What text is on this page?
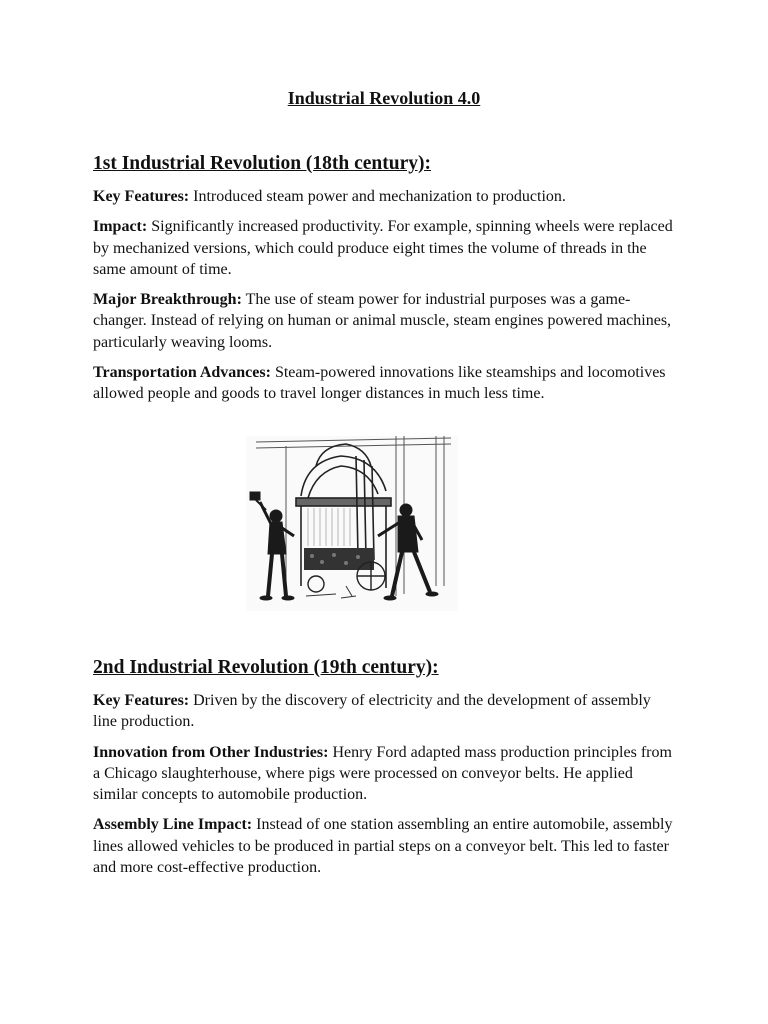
Industrial Revolution 4.0
1st Industrial Revolution (18th century):

Key Features: Introduced steam power and mechanization to production.

Impact: Significantly increased productivity. For example, spinning wheels were replaced by mechanized versions, which could produce eight times the volume of threads in the same amount of time.

Major Breakthrough: The use of steam power for industrial purposes was a game-changer. Instead of relying on human or animal muscle, steam engines powered machines, particularly weaving looms.

Transportation Advances: Steam-powered innovations like steamships and locomotives allowed people and goods to travel longer distances in much less time.

2nd Industrial Revolution (19th century):

Key Features: Driven by the discovery of electricity and the development of assembly line production.

Innovation from Other Industries: Henry Ford adapted mass production principles from a Chicago slaughterhouse, where pigs were processed on conveyor belts. He applied similar concepts to automobile production.

Assembly Line Impact: Instead of one station assembling an entire automobile, assembly lines allowed vehicles to be produced in partial steps on a conveyor belt. This led to faster and more cost-effective production.
